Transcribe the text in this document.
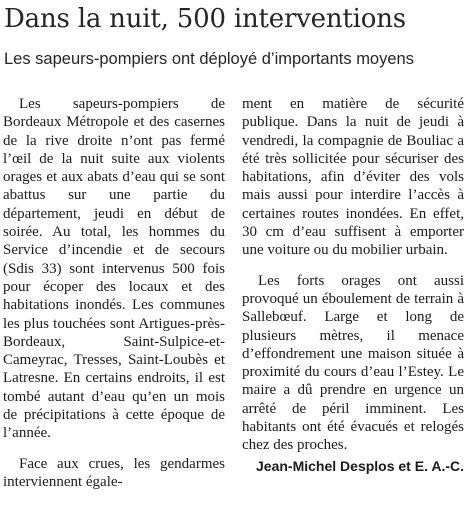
Dans la nuit, 500 interventions
Les sapeurs-pompiers ont déployé d’importants moyens

Les sapeurs-pompiers de Bordeaux Métropole et des casernes de la rive droite n’ont pas fermé l’œil de la nuit suite aux violents orages et aux abats d’eau qui se sont abattus sur une partie du département, jeudi en début de soirée. Au total, les hommes du Service d’incendie et de secours (Sdis 33) sont intervenus 500 fois pour écoper des locaux et des habitations inondés. Les communes les plus touchées sont Artigues-près-Bordeaux, Saint-Sulpice-et-Cameyrac, Tresses, Saint-Loubès et Latresne. En certains endroits, il est tombé autant d’eau qu’en un mois de précipitations à cette époque de l’année.

Face aux crues, les gendarmes interviennent égale-

ment en matière de sécurité publique. Dans la nuit de jeudi à vendredi, la compagnie de Bouliac a été très sollicitée pour sécuriser des habitations, afin d’éviter des vols mais aussi pour interdire l’accès à certaines routes inondées. En effet, 30 cm d’eau suffisent à emporter une voiture ou du mobilier urbain.

Les forts orages ont aussi provoqué un éboulement de terrain à Sallebœuf. Large et long de plusieurs mètres, il menace d’effondrement une maison située à proximité du cours d’eau l’Estey. Le maire a dû prendre en urgence un arrêté de péril imminent. Les habitants ont été évacués et relogés chez des proches.

Jean-Michel Desplos et E. A.-C.
